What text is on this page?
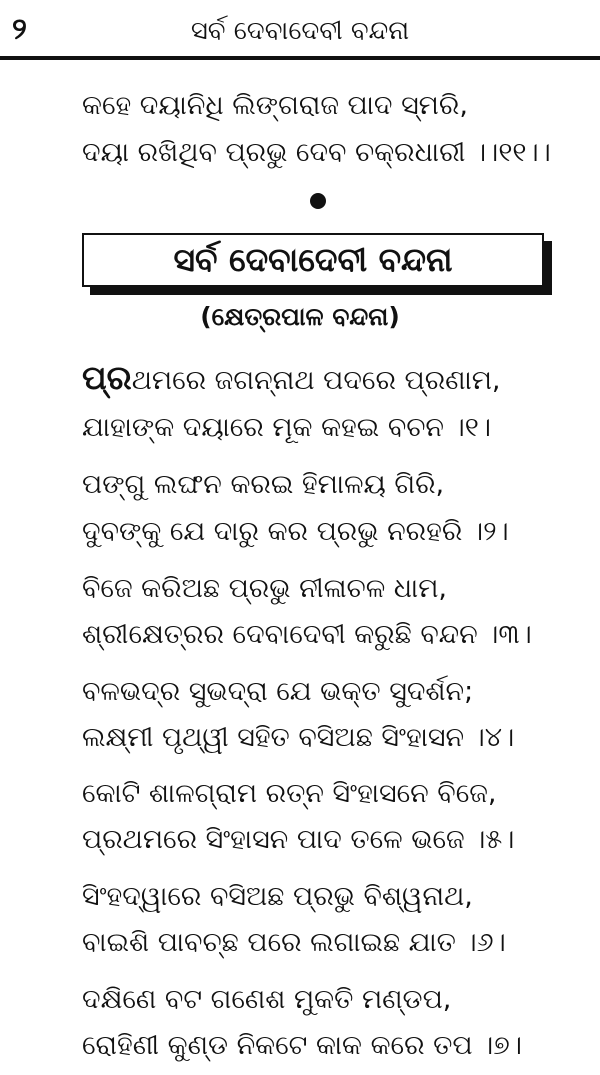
୨	ସର୍ବ ଦେବାଦେବୀ ବନ୍ଦନା
କହେ ଦୟାନିଧି ଲିଙ୍ଗରାଜ ପାଦ ସ୍ମରି,
ଦୟା ରଖିଥିବ ପ୍ରଭୁ ଦେବ ଚକ୍ରଧାରୀ ।।୧୧।।
ସର୍ବ ଦେବାଦେବୀ ବନ୍ଦନା
(କ୍ଷେତ୍ରପାଳ ବନ୍ଦନା)
ପ୍ରଥମରେ ଜଗନ୍ନାଥ ପଦରେ ପ୍ରଣାମ,
ଯାହାଙ୍କ ଦୟାରେ ମୂକ କହଇ ବଚନ ।୧।
ପଙ୍ଗୁ ଲଙ୍ଘନ କରଇ ହିମାଳୟ ଗିରି,
ଦୁବଙ୍କୁ ଯେ ଦାରୁ କର ପ୍ରଭୁ ନରହରି ।୨।
ବିଜେ କରିଅଛ ପ୍ରଭୁ ନୀଳାଚଳ ଧାମ,
ଶ୍ରୀକ୍ଷେତ୍ରର ଦେବାଦେବୀ କରୁଛି ବନ୍ଦନ ।୩।
ବଳଭଦ୍ର ସୁଭଦ୍ରା ଯେ ଭକ୍ତ ସୁଦର୍ଶନ;
ଲକ୍ଷ୍ମୀ ପୃଥ୍ୱୀ ସହିତ ବସିଅଛ ସିଂହାସନ ।୪।
କୋଟି ଶାଳଗ୍ରାମ ରତ୍ନ ସିଂହାସନେ ବିଜେ,
ପ୍ରଥମରେ ସିଂହାସନ ପାଦ ତଳେ ଭଜେ ।୫।
ସିଂହଦ୍ୱାରେ ବସିଅଛ ପ୍ରଭୁ ବିଶ୍ୱନାଥ,
ବାଇଶି ପାବଚ୍ଛ ପରେ ଲଗାଇଛ ଯାତ ।୬।
ଦକ୍ଷିଣେ ବଟ ଗଣେଶ ମୁକତି ମଣ୍ଡପ,
ରୋହିଣୀ କୁଣ୍ଡ ନିକଟେ କାକ କରେ ତପ ।୭।
